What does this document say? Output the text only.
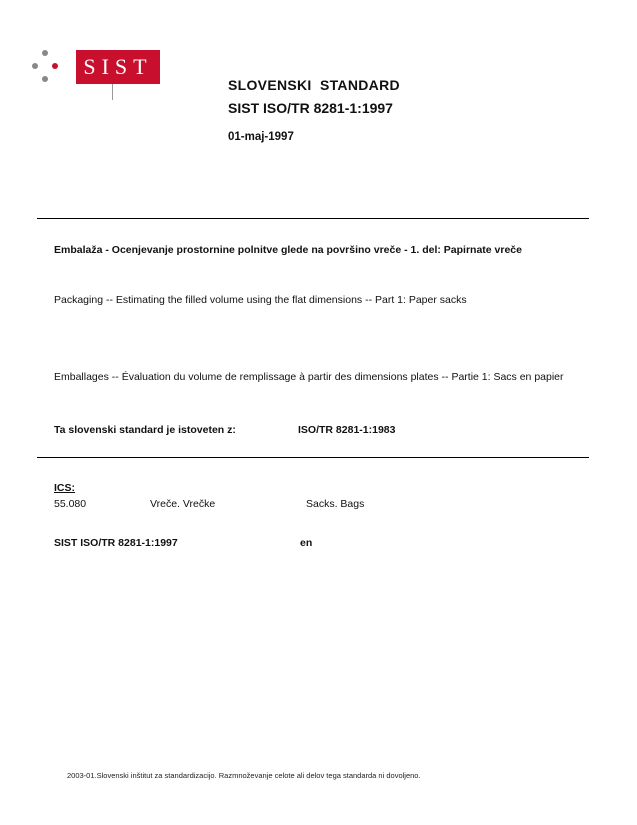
SIST
SLOVENSKI  STANDARD
SIST ISO/TR 8281-1:1997
01-maj-1997
Embalaža - Ocenjevanje prostornine polnitve glede na površino vreče - 1. del: Papirnate vreče
Packaging -- Estimating the filled volume using the flat dimensions -- Part 1: Paper sacks
Emballages -- Évaluation du volume de remplissage à partir des dimensions plates -- Partie 1: Sacs en papier
Ta slovenski standard je istoveten z:	ISO/TR 8281-1:1983
ICS:
55.080	Vreče. Vrečke	Sacks. Bags
SIST ISO/TR 8281-1:1997	en
2003-01.Slovenski inštitut za standardizacijo. Razmnoževanje celote ali delov tega standarda ni dovoljeno.
